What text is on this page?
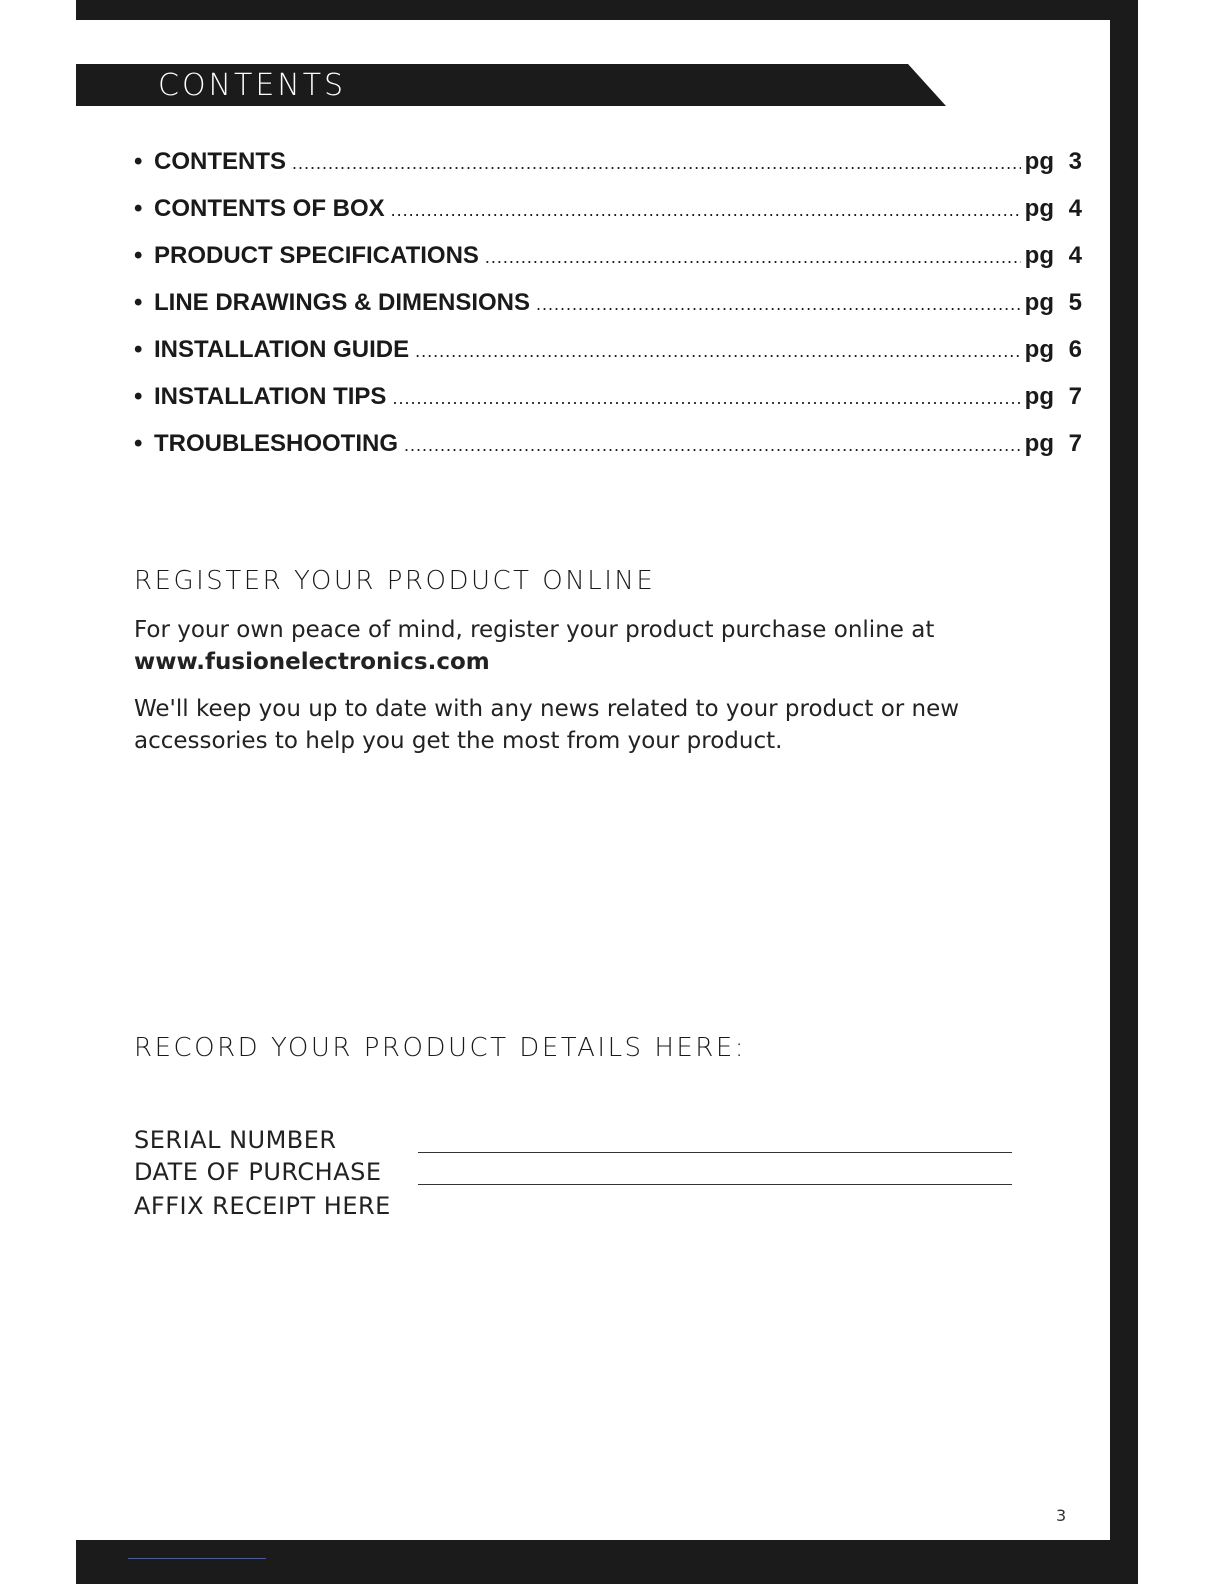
CONTENTS
• CONTENTS .....	pg 3
• CONTENTS OF BOX .....	pg 4
• PRODUCT SPECIFICATIONS .....	pg 4
• LINE DRAWINGS & DIMENSIONS .....	pg 5
• INSTALLATION GUIDE .....	pg 6
• INSTALLATION TIPS .....	pg 7
• TROUBLESHOOTING .....	pg 7
REGISTER YOUR PRODUCT ONLINE
For your own peace of mind, register your product purchase online at
www.fusionelectronics.com
We'll keep you up to date with any news related to your product or new accessories to help you get the most from your product.
RECORD YOUR PRODUCT DETAILS HERE:
SERIAL NUMBER
DATE OF PURCHASE
AFFIX RECEIPT HERE
3
